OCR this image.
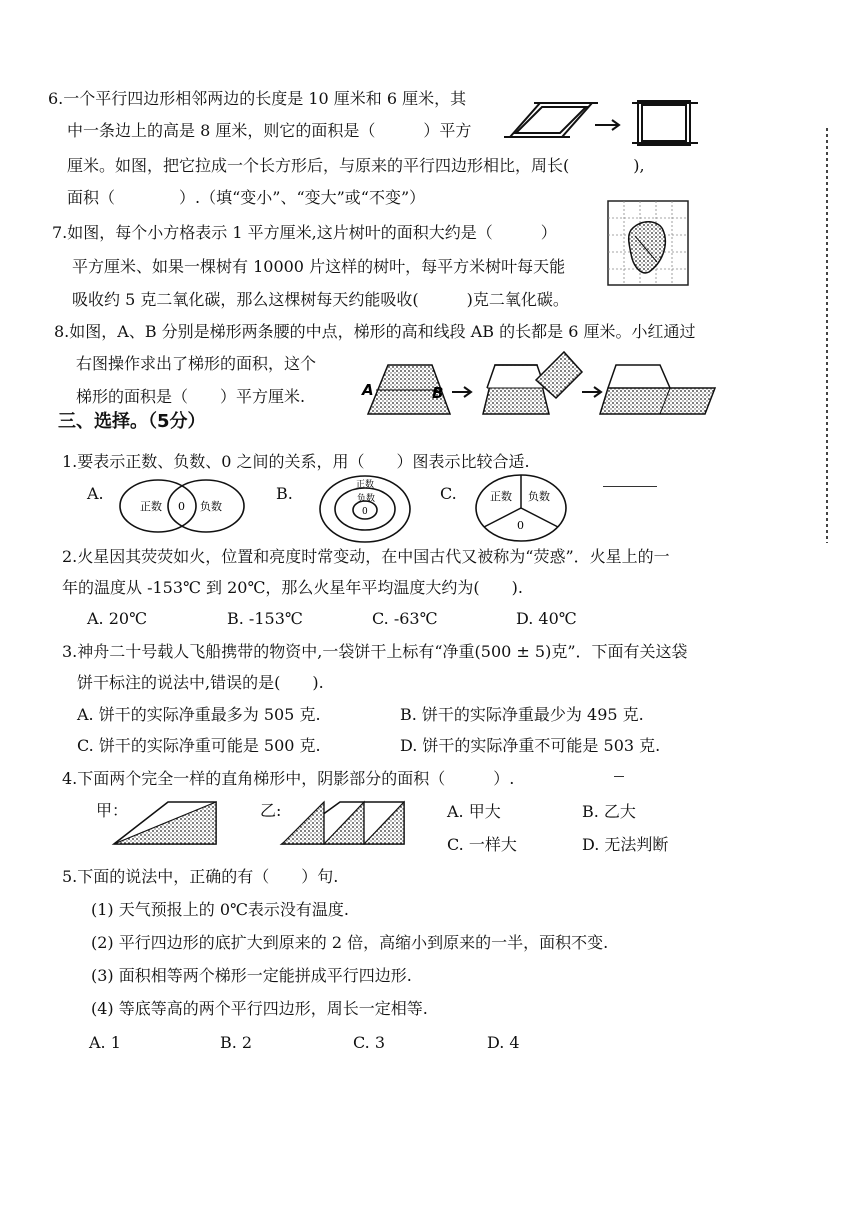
6.一个平行四边形相邻两边的长度是 10 厘米和 6 厘米，其
中一条边上的高是 8 厘米，则它的面积是（　　　）平方
厘米。如图，把它拉成一个长方形后，与原来的平行四边形相比，周长(　　　　),
面积（　　　　）.（填“变小”、“变大”或“不变”）
7.如图，每个小方格表示 1 平方厘米,这片树叶的面积大约是（　　　）
平方厘米、如果一棵树有 10000 片这样的树叶，每平方米树叶每天能
吸收约 5 克二氧化碳，那么这棵树每天约能吸收(　　　)克二氧化碳。
8.如图，A、B 分别是梯形两条腰的中点，梯形的高和线段 AB 的长都是 6 厘米。小红通过
右图操作求出了梯形的面积，这个
梯形的面积是（　　）平方厘米.	A	B
三、选择。（5分）
1.要表示正数、负数、0 之间的关系，用（　　）图表示比较合适.
A.	B.	C.
正数 0 负数
正数
负数
0
正数 负数
0
2.火星因其荧荧如火，位置和亮度时常变动，在中国古代又被称为“荧惑”．火星上的一
年的温度从 -153℃ 到 20℃，那么火星年平均温度大约为(　　).
A. 20℃	B. -153℃	C. -63℃	D. 40℃
3.神舟二十号载人飞船携带的物资中,一袋饼干上标有“净重(500 ± 5)克”．下面有关这袋
饼干标注的说法中,错误的是(　　).
A. 饼干的实际净重最多为 505 克.	B. 饼干的实际净重最少为 495 克.
C. 饼干的实际净重可能是 500 克.	D. 饼干的实际净重不可能是 503 克.
4.下面两个完全一样的直角梯形中，阴影部分的面积（　　　）.
甲：	乙:	A. 甲大	B. 乙大
C. 一样大	D. 无法判断
5.下面的说法中，正确的有（　　）句.
(1) 天气预报上的 0℃表示没有温度.
(2) 平行四边形的底扩大到原来的 2 倍，高缩小到原来的一半，面积不变.
(3) 面积相等两个梯形一定能拼成平行四边形.
(4) 等底等高的两个平行四边形，周长一定相等.
A. 1	B. 2	C. 3	D. 4
